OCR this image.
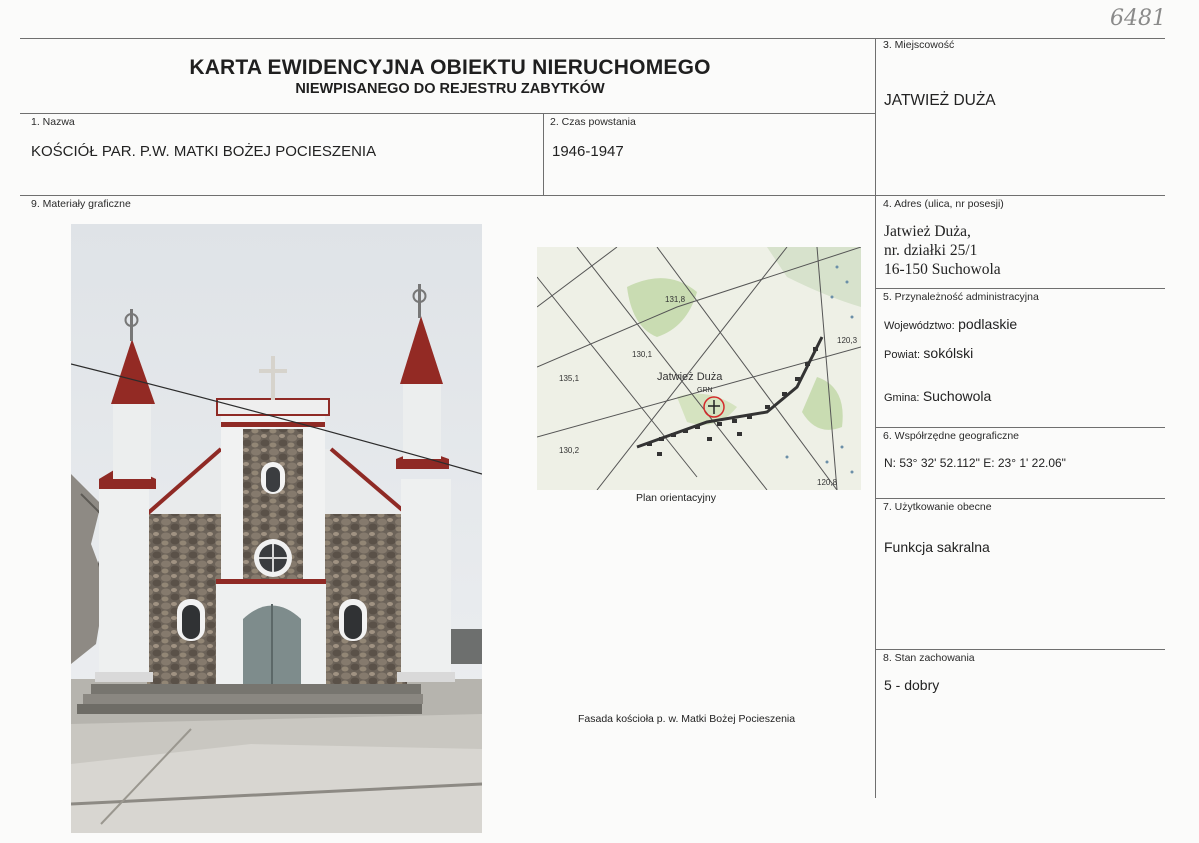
6481
KARTA EWIDENCYJNA OBIEKTU NIERUCHOMEGO
NIEWPISANEGO DO REJESTRU ZABYTKÓW
1. Nazwa
KOŚCIÓŁ PAR. P.W. MATKI BOŻEJ POCIESZENIA
2. Czas powstania
1946-1947
3. Miejscowość
JATWIEŻ DUŻA
9. Materiały graficzne	4. Adres (ulica, nr posesji)
Jatwież Duża,
nr. działki 25/1
16-150 Suchowola
5. Przynależność administracyjna
Województwo: podlaskie
Powiat: sokólski
Gmina: Suchowola
6. Współrzędne geograficzne
N: 53° 32' 52.112" E: 23° 1' 22.06"
7. Użytkowanie obecne
Funkcja sakralna
8. Stan zachowania
5 - dobry
Jatwież Duża
GRN
131,8
130,1
135,1
130,2
120,3
120,8
Plan orientacyjny
Fasada kościoła p. w. Matki Bożej Pocieszenia
